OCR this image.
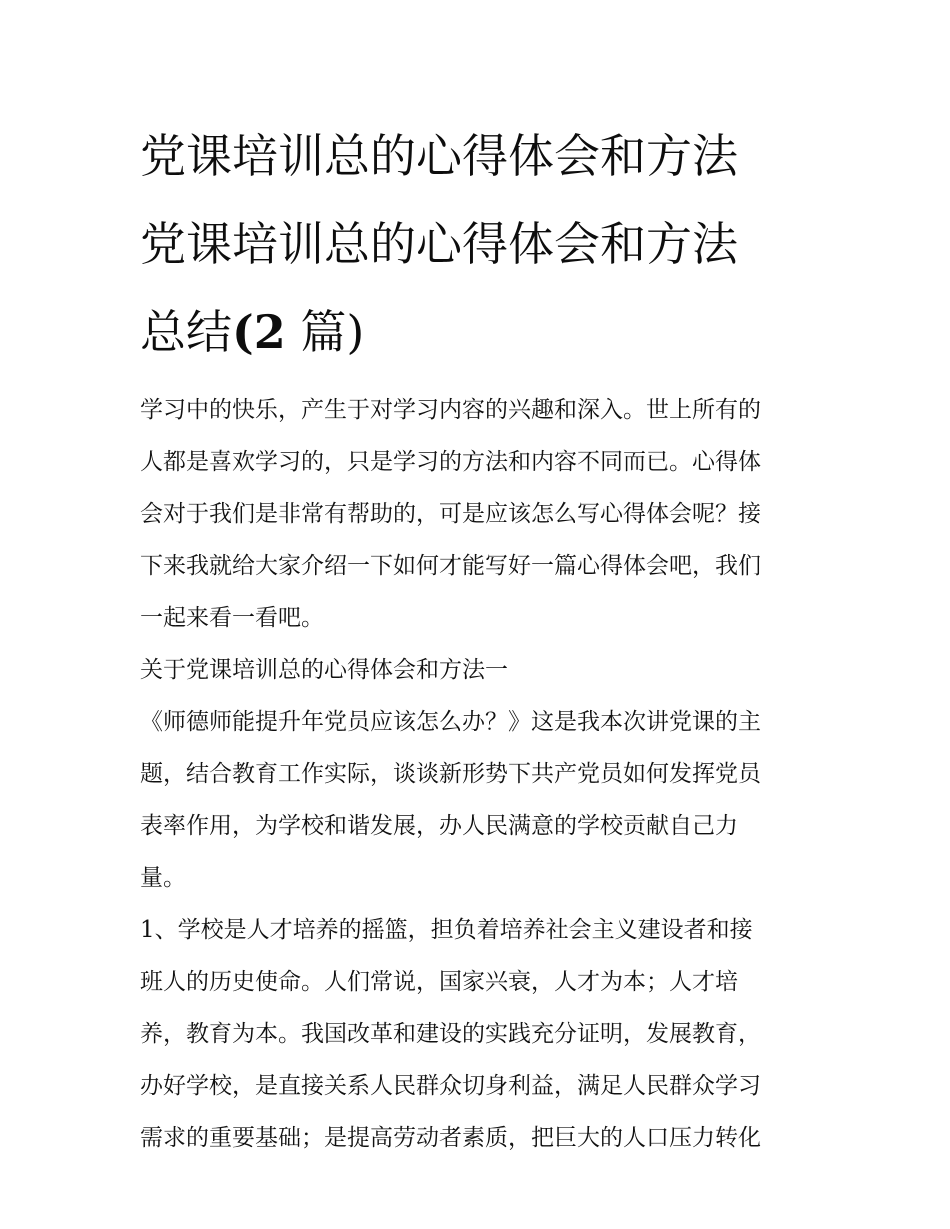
党课培训总的心得体会和方法
党课培训总的心得体会和方法
总结(2 篇)
学习中的快乐，产生于对学习内容的兴趣和深入。世上所有的
人都是喜欢学习的，只是学习的方法和内容不同而已。心得体
会对于我们是非常有帮助的，可是应该怎么写心得体会呢？接
下来我就给大家介绍一下如何才能写好一篇心得体会吧，我们
一起来看一看吧。
关于党课培训总的心得体会和方法一
《师德师能提升年党员应该怎么办？》这是我本次讲党课的主
题，结合教育工作实际，谈谈新形势下共产党员如何发挥党员
表率作用，为学校和谐发展，办人民满意的学校贡献自己力
量。
1、学校是人才培养的摇篮，担负着培养社会主义建设者和接
班人的历史使命。人们常说，国家兴衰，人才为本；人才培
养，教育为本。我国改革和建设的实践充分证明，发展教育，
办好学校，是直接关系人民群众切身利益，满足人民群众学习
需求的重要基础；是提高劳动者素质，把巨大的人口压力转化
